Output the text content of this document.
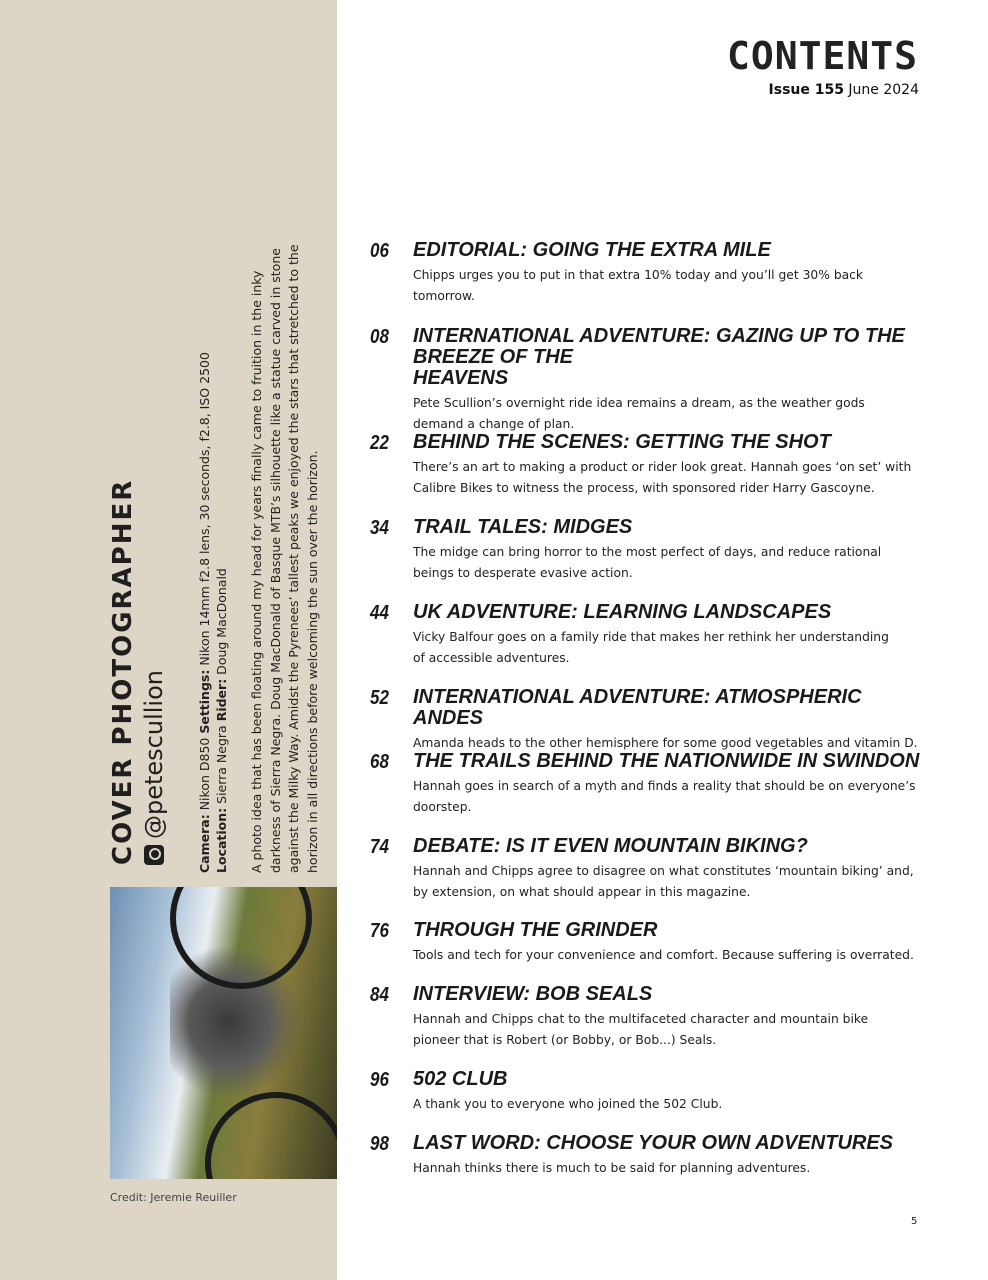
COVER PHOTOGRAPHER @petescullion
Camera: Nikon D850 Settings: Nikon 14mm f2.8 lens, 30 seconds, f2.8, ISO 2500
Location: Sierra Negra Rider: Doug MacDonald A photo idea that has been floating around my head for years finally came to fruition in the inky darkness of Sierra Negra. Doug MacDonald of Basque MTB’s silhouette like a statue carved in stone against the Milky Way. Amidst the Pyrenees’ tallest peaks we enjoyed the stars that stretched to the horizon in all directions before welcoming the sun over the horizon.
Credit: Jeremie Reuiller
CONTENTS
Issue 155 June 2024
06 EDITORIAL: GOING THE EXTRA MILE
Chipps urges you to put in that extra 10% today and you’ll get 30% back
tomorrow.
08 INTERNATIONAL ADVENTURE: GAZING UP TO THE BREEZE OF THE
HEAVENS
Pete Scullion’s overnight ride idea remains a dream, as the weather gods
demand a change of plan.
22 BEHIND THE SCENES: GETTING THE SHOT
There’s an art to making a product or rider look great. Hannah goes ‘on set’ with
Calibre Bikes to witness the process, with sponsored rider Harry Gascoyne.
34 TRAIL TALES: MIDGES
The midge can bring horror to the most perfect of days, and reduce rational
beings to desperate evasive action.
44 UK ADVENTURE: LEARNING LANDSCAPES
Vicky Balfour goes on a family ride that makes her rethink her understanding
of accessible adventures.
52 INTERNATIONAL ADVENTURE: ATMOSPHERIC ANDES
Amanda heads to the other hemisphere for some good vegetables and vitamin D.
68 THE TRAILS BEHIND THE NATIONWIDE IN SWINDON
Hannah goes in search of a myth and finds a reality that should be on everyone’s
doorstep.
74 DEBATE: IS IT EVEN MOUNTAIN BIKING?
Hannah and Chipps agree to disagree on what constitutes ‘mountain biking’ and,
by extension, on what should appear in this magazine.
76 THROUGH THE GRINDER
Tools and tech for your convenience and comfort. Because suffering is overrated.
84 INTERVIEW: BOB SEALS
Hannah and Chipps chat to the multifaceted character and mountain bike
pioneer that is Robert (or Bobby, or Bob...) Seals.
96 502 CLUB
A thank you to everyone who joined the 502 Club.
98 LAST WORD: CHOOSE YOUR OWN ADVENTURES
Hannah thinks there is much to be said for planning adventures.
5
